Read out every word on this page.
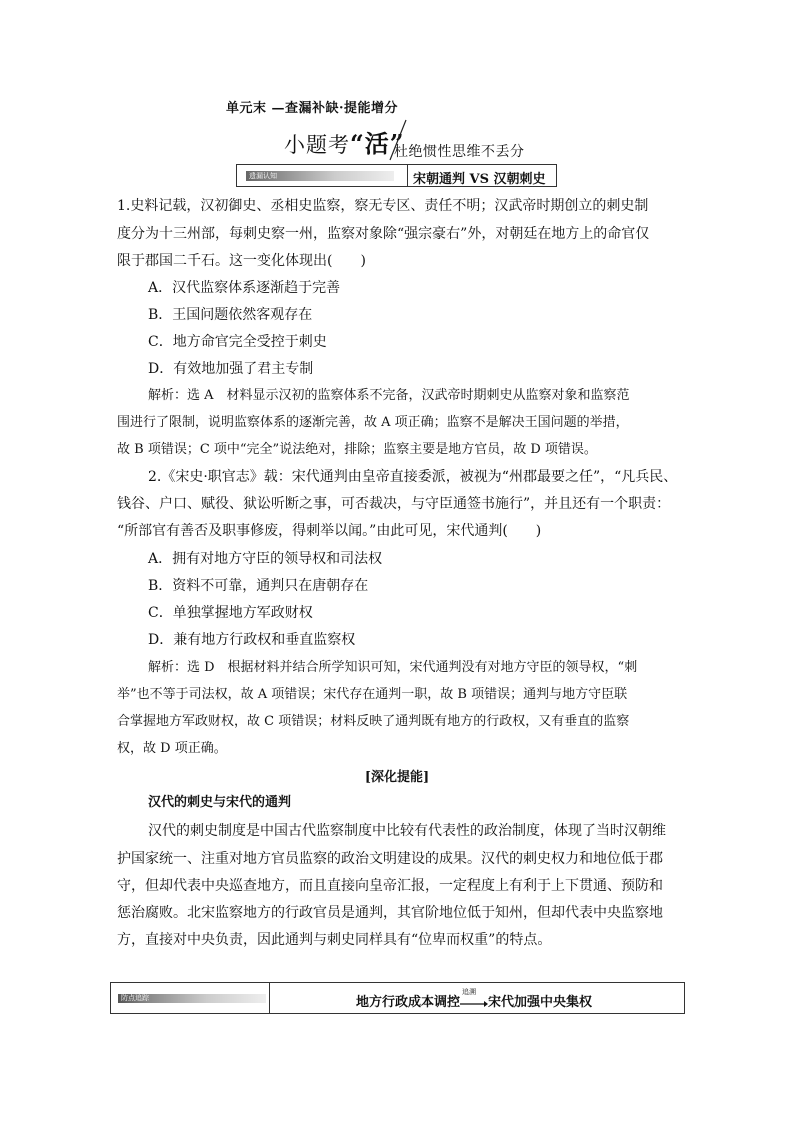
单元末 —查漏补缺·提能增分
小题考“活”
杜绝惯性思维不丢分
遗漏认知	宋朝通判 VS 汉朝刺史
1.史料记载，汉初御史、丞相史监察，察无专区、责任不明；汉武帝时期创立的刺史制
度分为十三州部，每刺史察一州，监察对象除“强宗豪右”外，对朝廷在地方上的命官仅
限于郡国二千石。这一变化体现出(　　)
A．汉代监察体系逐渐趋于完善
B．王国问题依然客观存在
C．地方命官完全受控于刺史
D．有效地加强了君主专制
解析：选 A　材料显示汉初的监察体系不完备，汉武帝时期刺史从监察对象和监察范
围进行了限制，说明监察体系的逐渐完善，故 A 项正确；监察不是解决王国问题的举措，
故 B 项错误；C 项中“完全”说法绝对，排除；监察主要是地方官员，故 D 项错误。
2.《宋史·职官志》载：宋代通判由皇帝直接委派，被视为“州郡最要之任”，“凡兵民、
钱谷、户口、赋役、狱讼听断之事，可否裁决，与守臣通签书施行”，并且还有一个职责：
“所部官有善否及职事修废，得刺举以闻。”由此可见，宋代通判(　　)
A．拥有对地方守臣的领导权和司法权
B．资料不可靠，通判只在唐朝存在
C．单独掌握地方军政财权
D．兼有地方行政权和垂直监察权
解析：选 D　根据材料并结合所学知识可知，宋代通判没有对地方守臣的领导权，“刺
举”也不等于司法权，故 A 项错误；宋代存在通判一职，故 B 项错误；通判与地方守臣联
合掌握地方军政财权，故 C 项错误；材料反映了通判既有地方的行政权，又有垂直的监察
权，故 D 项正确。
[深化提能]
汉代的刺史与宋代的通判
汉代的刺史制度是中国古代监察制度中比较有代表性的政治制度，体现了当时汉朝维
护国家统一、注重对地方官员监察的政治文明建设的成果。汉代的刺史权力和地位低于郡
守，但却代表中央巡查地方，而且直接向皇帝汇报，一定程度上有利于上下贯通、预防和
惩治腐败。北宋监察地方的行政官员是通判，其官阶地位低于知州，但却代表中央监察地
方，直接对中央负责，因此通判与刺史同样具有“位卑而权重”的特点。
防点追踪	地方行政成本调控
追溯
宋代加强中央集权
